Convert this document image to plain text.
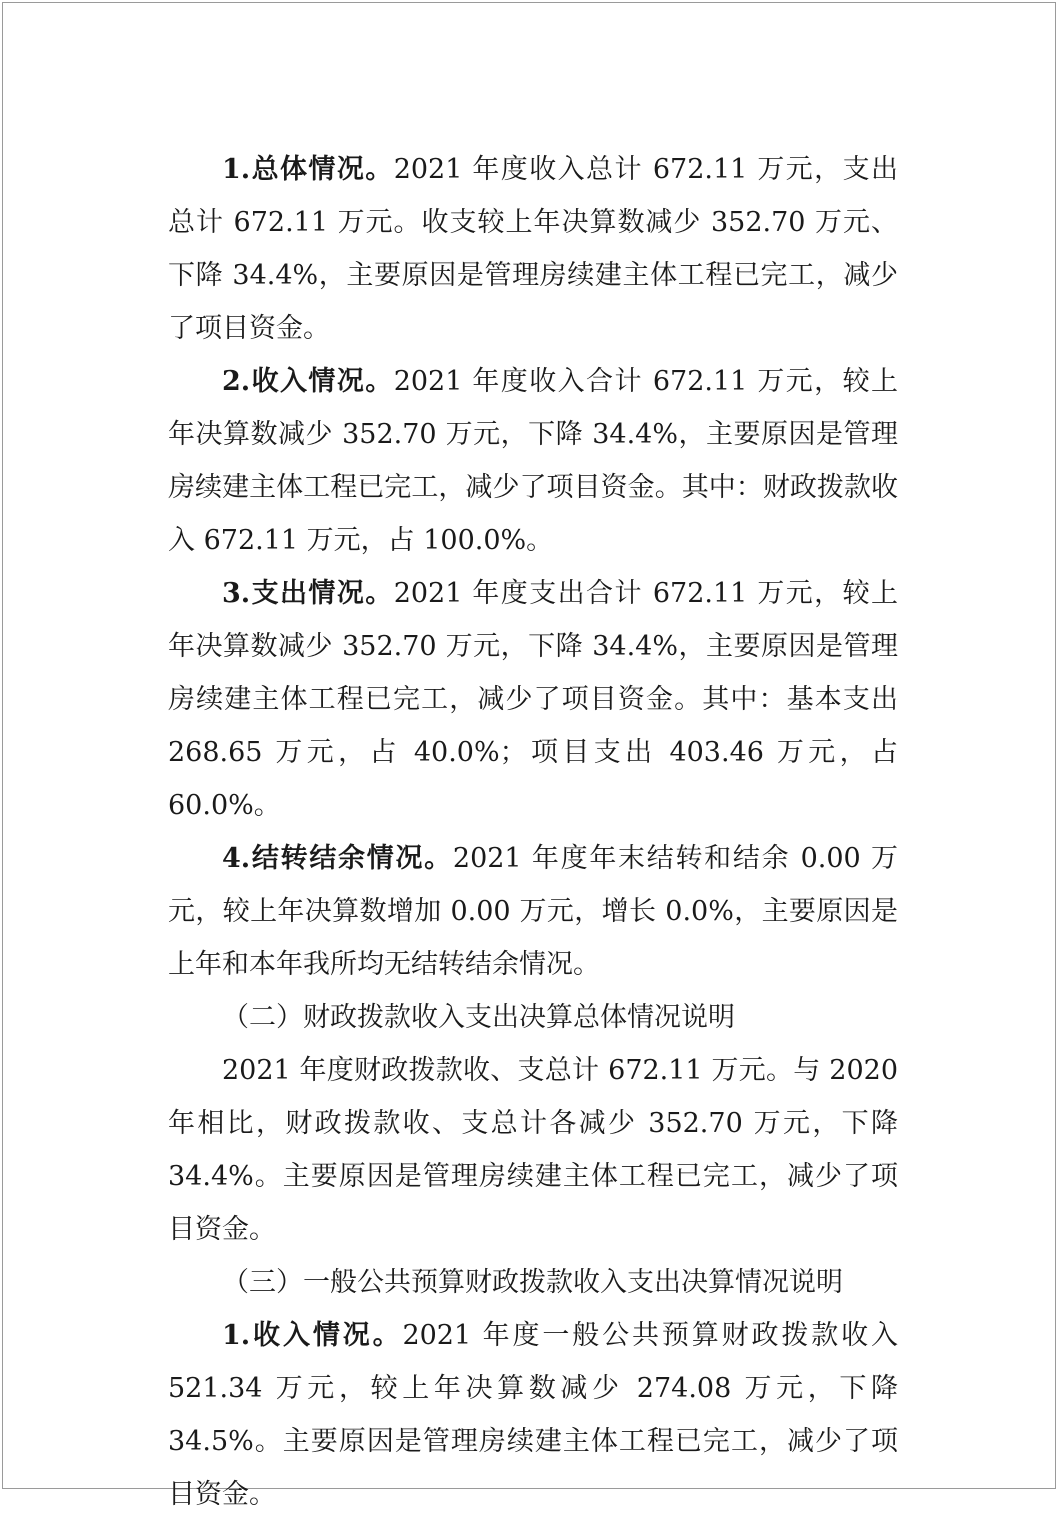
1.总体情况。2021 年度收入总计 672.11 万元，支出总计 672.11 万元。收支较上年决算数减少 352.70 万元、下降 34.4%，主要原因是管理房续建主体工程已完工，减少了项目资金。

2.收入情况。2021 年度收入合计 672.11 万元，较上年决算数减少 352.70 万元，下降 34.4%，主要原因是管理房续建主体工程已完工，减少了项目资金。其中：财政拨款收入 672.11 万元，占 100.0%。

3.支出情况。2021 年度支出合计 672.11 万元，较上年决算数减少 352.70 万元，下降 34.4%，主要原因是管理房续建主体工程已完工，减少了项目资金。其中：基本支出 268.65 万元，占 40.0%；项目支出 403.46 万元，占 60.0%。

4.结转结余情况。2021 年度年末结转和结余 0.00 万元，较上年决算数增加 0.00 万元，增长 0.0%，主要原因是上年和本年我所均无结转结余情况。

（二）财政拨款收入支出决算总体情况说明

2021 年度财政拨款收、支总计 672.11 万元。与 2020 年相比，财政拨款收、支总计各减少 352.70 万元，下降 34.4%。主要原因是管理房续建主体工程已完工，减少了项目资金。

（三）一般公共预算财政拨款收入支出决算情况说明

1.收入情况。2021 年度一般公共预算财政拨款收入 521.34 万元，较上年决算数减少 274.08 万元，下降 34.5%。主要原因是管理房续建主体工程已完工，减少了项目资金。
